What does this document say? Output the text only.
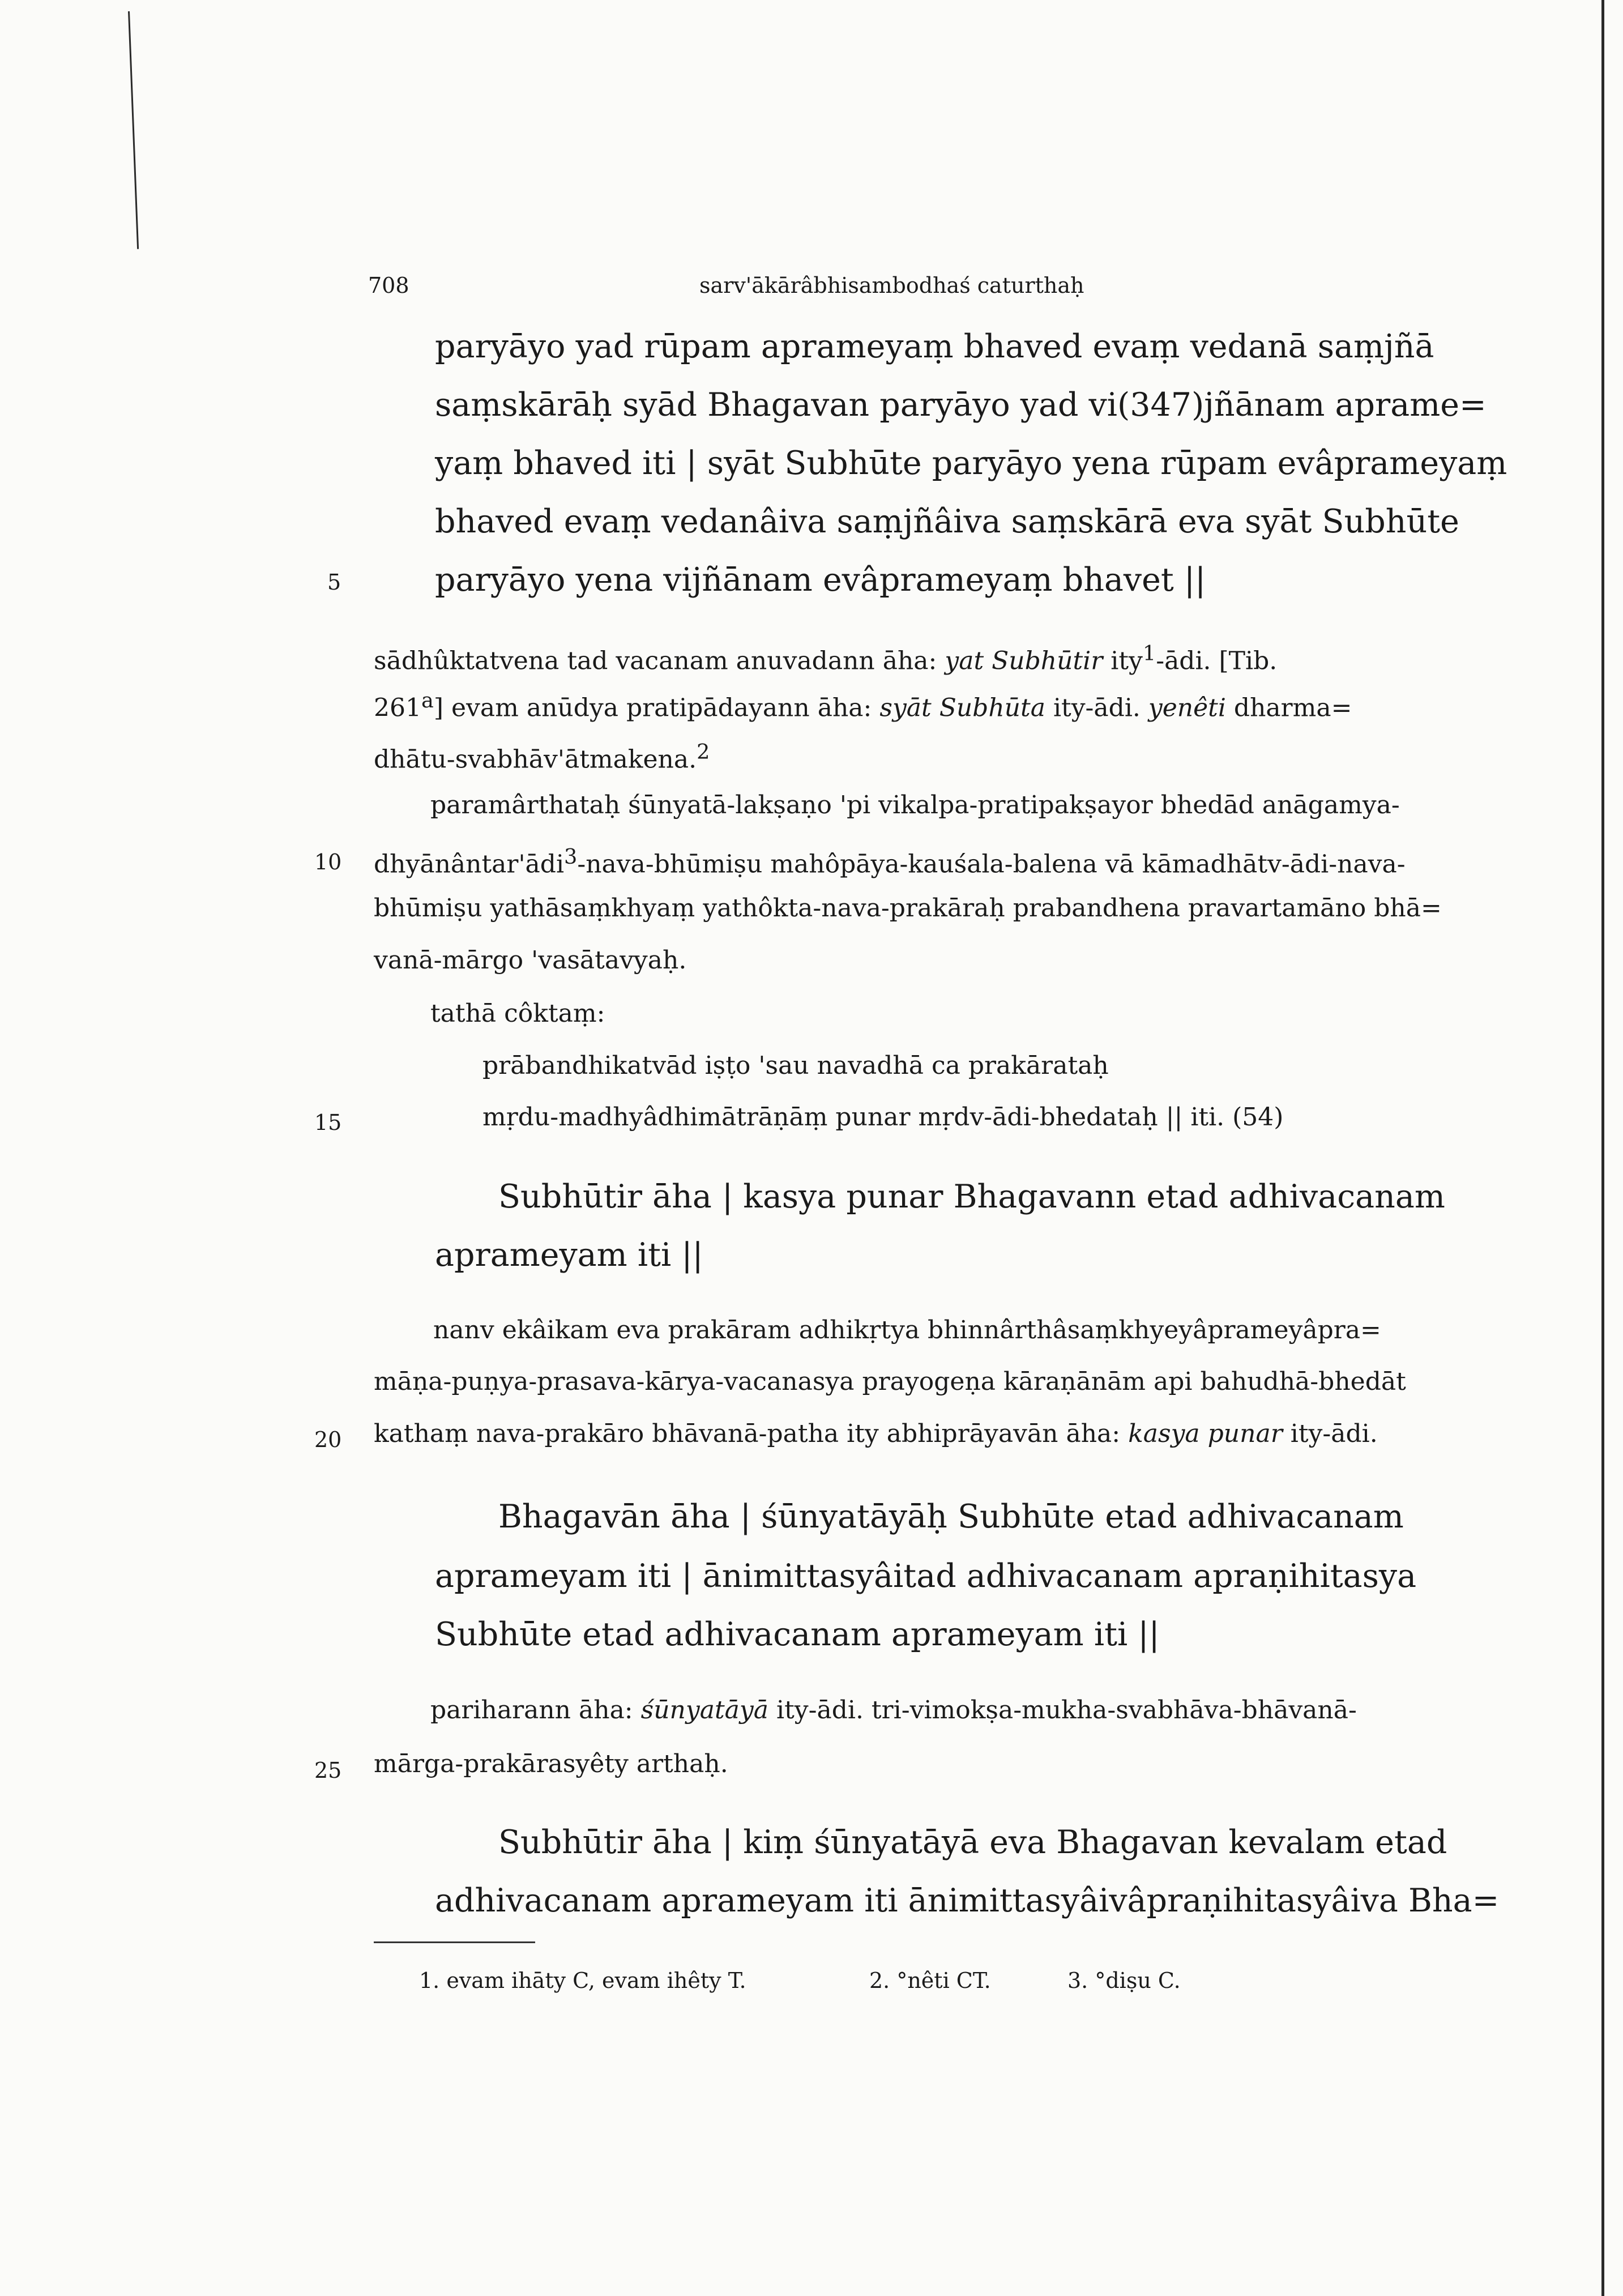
708	sarv'ākārâbhisambodhaś caturthaḥ
paryāyo yad rūpam aprameyaṃ bhaved evaṃ vedanā saṃjñā
saṃskārāḥ syād Bhagavan paryāyo yad vi(347)jñānam aprame=
yaṃ bhaved iti | syāt Subhūte paryāyo yena rūpam evâprameyaṃ
bhaved evaṃ vedanâiva saṃjñâiva saṃskārā eva syāt Subhūte
paryāyo yena vijñānam evâprameyaṃ bhavet ||
5
sādhûktatvena tad vacanam anuvadann āha: yat Subhūtir ity$^1$-ādi. [Tib.
261$^a$] evam anūdya pratipādayann āha: syāt Subhūta ity-ādi. yenêti dharma=
dhātu-svabhāv'ātmakena.$^2$
paramârthataḥ śūnyatā-lakṣaṇo 'pi vikalpa-pratipakṣayor bhedād anāgamya-
dhyānântar'ādi$^3$-nava-bhūmiṣu mahôpāya-kauśala-balena vā kāmadhātv-ādi-nava-
10
bhūmiṣu yathāsaṃkhyaṃ yathôkta-nava-prakāraḥ prabandhena pravartamāno bhā=
vanā-mārgo 'vasātavyaḥ.
tathā côktaṃ:
prābandhikatvād iṣṭo 'sau navadhā ca prakārataḥ
mṛdu-madhyâdhimātrāṇāṃ punar mṛdv-ādi-bhedataḥ || iti. (54)
15
Subhūtir āha | kasya punar Bhagavann etad adhivacanam
aprameyam iti ||
nanv ekâikam eva prakāram adhikṛtya bhinnârthâsaṃkhyeyâprameyâpra=
māṇa-puṇya-prasava-kārya-vacanasya prayogeṇa kāraṇānām api bahudhā-bhedāt
kathaṃ nava-prakāro bhāvanā-patha ity abhiprāyavān āha: kasya punar ity-ādi.
20
Bhagavān āha | śūnyatāyāḥ Subhūte etad adhivacanam
aprameyam iti | ānimittasyâitad adhivacanam apraṇihitasya
Subhūte etad adhivacanam aprameyam iti ||
pariharann āha: śūnyatāyā ity-ādi. tri-vimokṣa-mukha-svabhāva-bhāvanā-
mārga-prakārasyêty arthaḥ.
25
Subhūtir āha | kiṃ śūnyatāyā eva Bhagavan kevalam etad
adhivacanam aprameyam iti ānimittasyâivâpraṇihitasyâiva Bha=
1. evam ihāty C, evam ihêty T.	2. °nêti CT.	3. °diṣu C.
